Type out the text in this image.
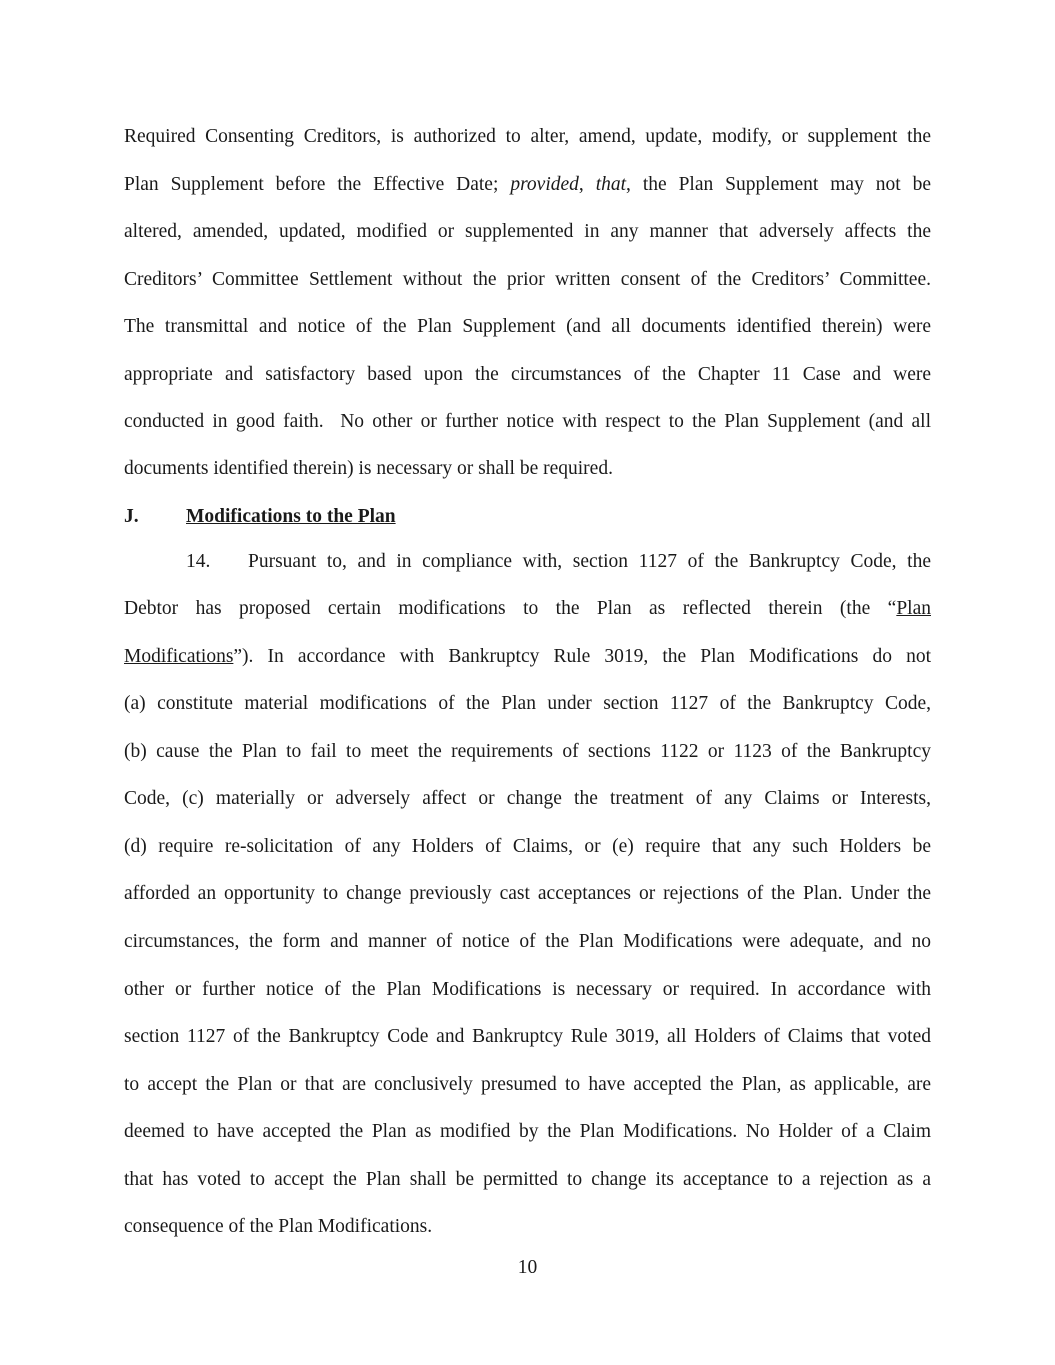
Required Consenting Creditors, is authorized to alter, amend, update, modify, or supplement the
Plan Supplement before the Effective Date; provided, that, the Plan Supplement may not be
altered, amended, updated, modified or supplemented in any manner that adversely affects the
Creditors’ Committee Settlement without the prior written consent of the Creditors’ Committee.
The transmittal and notice of the Plan Supplement (and all documents identified therein) were
appropriate and satisfactory based upon the circumstances of the Chapter 11 Case and were
conducted in good faith.  No other or further notice with respect to the Plan Supplement (and all
documents identified therein) is necessary or shall be required.
J. Modifications to the Plan
14. Pursuant to, and in compliance with, section 1127 of the Bankruptcy Code, the
Debtor has proposed certain modifications to the Plan as reflected therein (the “Plan
Modifications”). In accordance with Bankruptcy Rule 3019, the Plan Modifications do not
(a) constitute material modifications of the Plan under section 1127 of the Bankruptcy Code,
(b) cause the Plan to fail to meet the requirements of sections 1122 or 1123 of the Bankruptcy
Code, (c) materially or adversely affect or change the treatment of any Claims or Interests,
(d) require re-solicitation of any Holders of Claims, or (e) require that any such Holders be
afforded an opportunity to change previously cast acceptances or rejections of the Plan. Under the
circumstances, the form and manner of notice of the Plan Modifications were adequate, and no
other or further notice of the Plan Modifications is necessary or required. In accordance with
section 1127 of the Bankruptcy Code and Bankruptcy Rule 3019, all Holders of Claims that voted
to accept the Plan or that are conclusively presumed to have accepted the Plan, as applicable, are
deemed to have accepted the Plan as modified by the Plan Modifications. No Holder of a Claim
that has voted to accept the Plan shall be permitted to change its acceptance to a rejection as a
consequence of the Plan Modifications.
10
